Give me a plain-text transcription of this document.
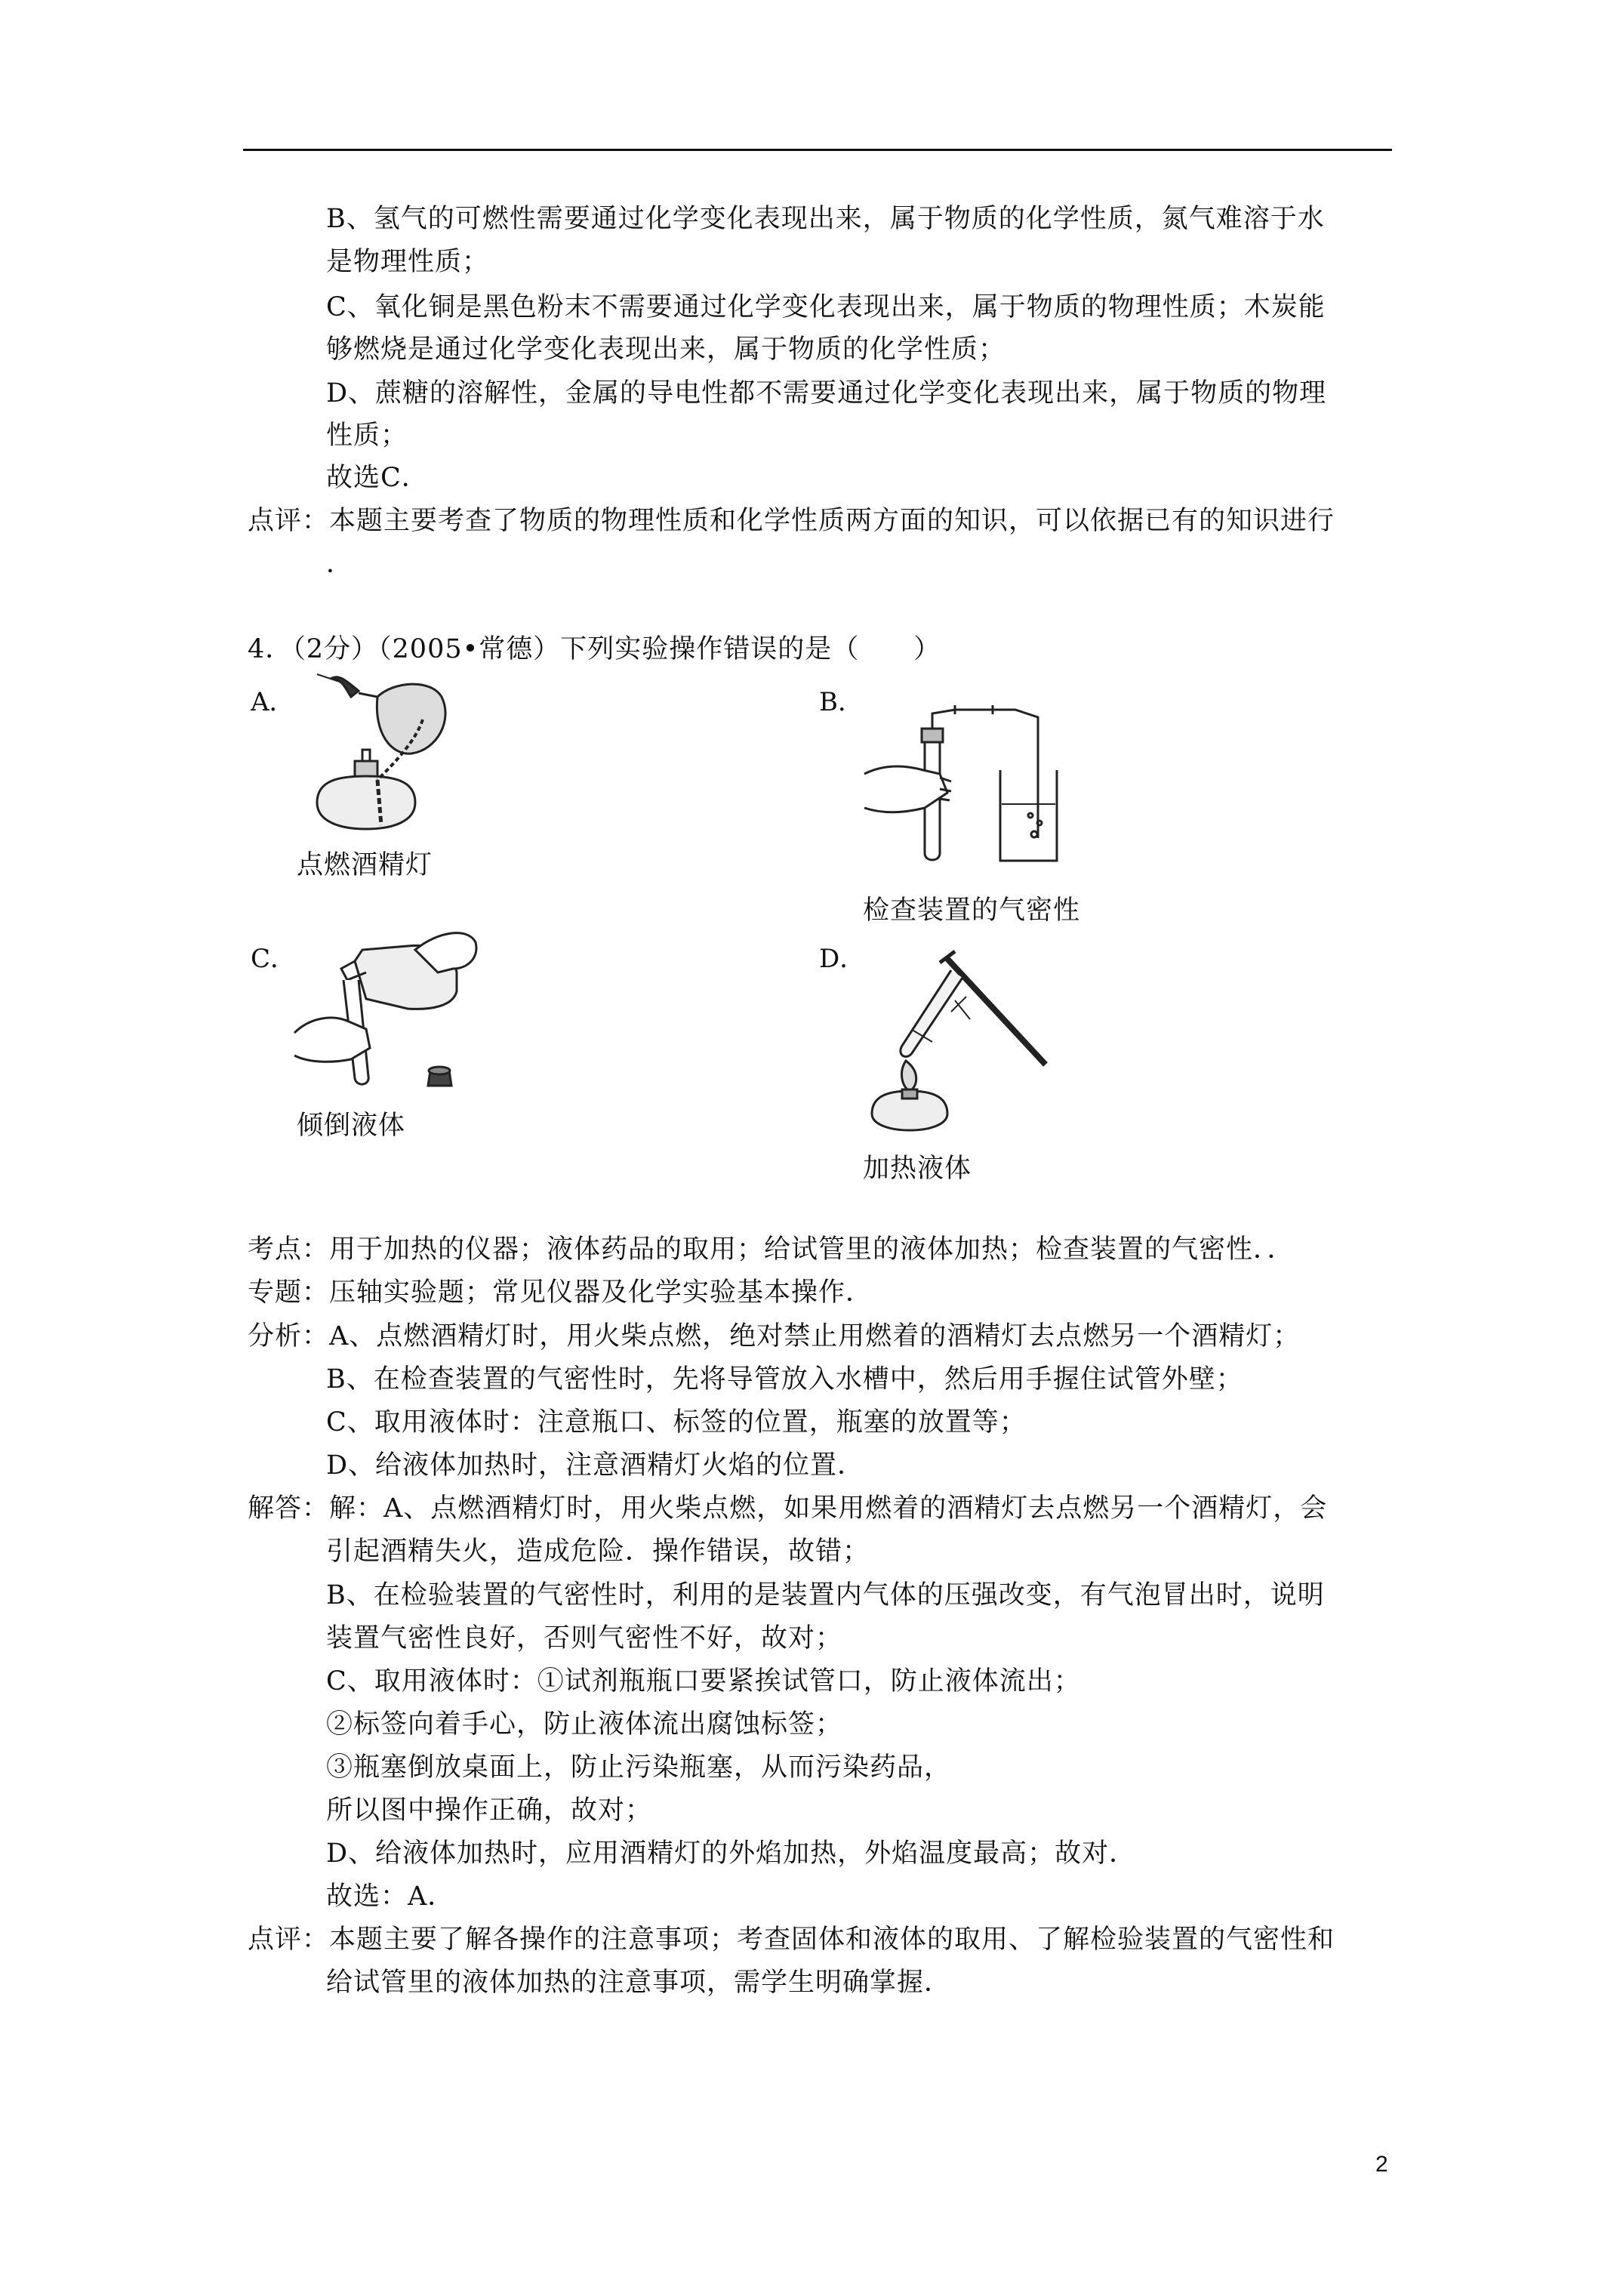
B、氢气的可燃性需要通过化学变化表现出来，属于物质的化学性质，氮气难溶于水
是物理性质；
C、氧化铜是黑色粉末不需要通过化学变化表现出来，属于物质的物理性质；木炭能
够燃烧是通过化学变化表现出来，属于物质的化学性质；
D、蔗糖的溶解性，金属的导电性都不需要通过化学变化表现出来，属于物质的物理
性质；
故选C．
点评：本题主要考查了物质的物理性质和化学性质两方面的知识，可以依据已有的知识进行
．
4．（2分）（2005•常德）下列实验操作错误的是（　　）
A．
点燃酒精灯
B．
检查装置的气密性
C．
倾倒液体
D．
加热液体
考点：用于加热的仪器；液体药品的取用；给试管里的液体加热；检查装置的气密性．．
专题：压轴实验题；常见仪器及化学实验基本操作．
分析：A、点燃酒精灯时，用火柴点燃，绝对禁止用燃着的酒精灯去点燃另一个酒精灯；
B、在检查装置的气密性时，先将导管放入水槽中，然后用手握住试管外壁；
C、取用液体时：注意瓶口、标签的位置，瓶塞的放置等；
D、给液体加热时，注意酒精灯火焰的位置．
解答：解：A、点燃酒精灯时，用火柴点燃，如果用燃着的酒精灯去点燃另一个酒精灯，会
引起酒精失火，造成危险．操作错误，故错；
B、在检验装置的气密性时，利用的是装置内气体的压强改变，有气泡冒出时，说明
装置气密性良好，否则气密性不好，故对；
C、取用液体时：①试剂瓶瓶口要紧挨试管口，防止液体流出；
②标签向着手心，防止液体流出腐蚀标签；
③瓶塞倒放桌面上，防止污染瓶塞，从而污染药品，
所以图中操作正确，故对；
D、给液体加热时，应用酒精灯的外焰加热，外焰温度最高；故对．
故选：A．
点评：本题主要了解各操作的注意事项；考查固体和液体的取用、了解检验装置的气密性和
给试管里的液体加热的注意事项，需学生明确掌握．
2
